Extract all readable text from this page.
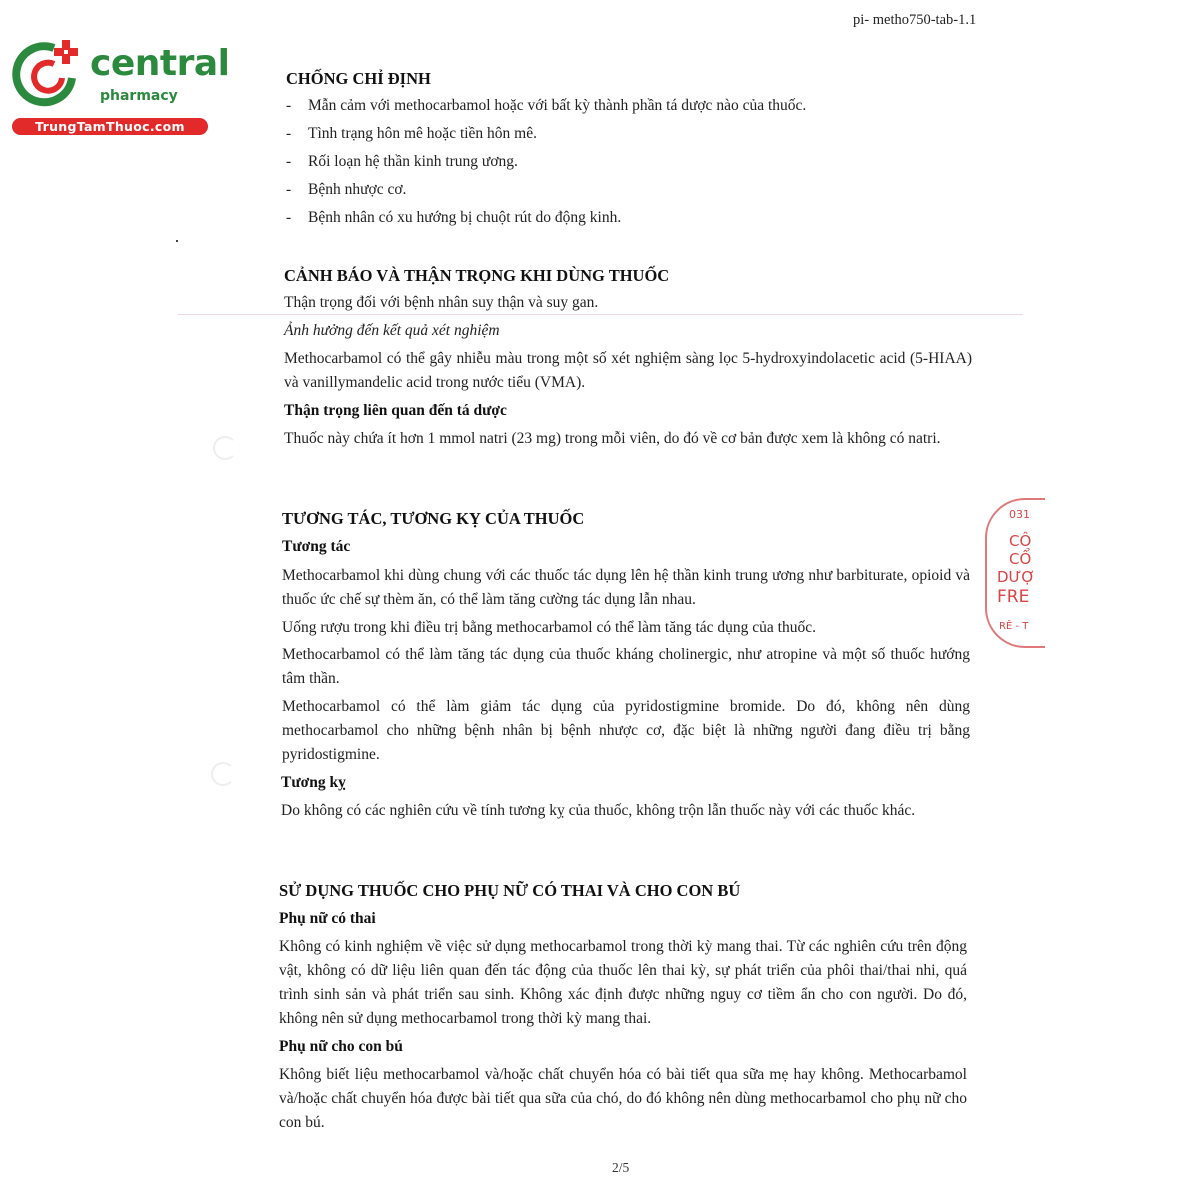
pi- metho750-tab-1.1
central
pharmacy
TrungTamThuoc.com
031
CÔ
CỔ
DƯỢ
FRE
RÊ - T
CHỐNG CHỈ ĐỊNH
- Mẫn cảm với methocarbamol hoặc với bất kỳ thành phần tá dược nào của thuốc.
- Tình trạng hôn mê hoặc tiền hôn mê.
- Rối loạn hệ thần kinh trung ương.
- Bệnh nhược cơ.
- Bệnh nhân có xu hướng bị chuột rút do động kinh.
CẢNH BÁO VÀ THẬN TRỌNG KHI DÙNG THUỐC
Thận trọng đối với bệnh nhân suy thận và suy gan.
Ảnh hưởng đến kết quả xét nghiệm
Methocarbamol có thể gây nhiễu màu trong một số xét nghiệm sàng lọc 5-hydroxyindolacetic acid (5-HIAA) và vanillymandelic acid trong nước tiểu (VMA).
Thận trọng liên quan đến tá dược
Thuốc này chứa ít hơn 1 mmol natri (23 mg) trong mỗi viên, do đó về cơ bản được xem là không có natri.
TƯƠNG TÁC, TƯƠNG KỴ CỦA THUỐC
Tương tác
Methocarbamol khi dùng chung với các thuốc tác dụng lên hệ thần kinh trung ương như barbiturate, opioid và thuốc ức chế sự thèm ăn, có thể làm tăng cường tác dụng lẫn nhau.
Uống rượu trong khi điều trị bằng methocarbamol có thể làm tăng tác dụng của thuốc.
Methocarbamol có thể làm tăng tác dụng của thuốc kháng cholinergic, như atropine và một số thuốc hướng tâm thần.
Methocarbamol có thể làm giảm tác dụng của pyridostigmine bromide. Do đó, không nên dùng methocarbamol cho những bệnh nhân bị bệnh nhược cơ, đặc biệt là những người đang điều trị bằng pyridostigmine.
Tương kỵ
Do không có các nghiên cứu về tính tương kỵ của thuốc, không trộn lẫn thuốc này với các thuốc khác.
SỬ DỤNG THUỐC CHO PHỤ NỮ CÓ THAI VÀ CHO CON BÚ
Phụ nữ có thai
Không có kinh nghiệm về việc sử dụng methocarbamol trong thời kỳ mang thai. Từ các nghiên cứu trên động vật, không có dữ liệu liên quan đến tác động của thuốc lên thai kỳ, sự phát triển của phôi thai/thai nhi, quá trình sinh sản và phát triển sau sinh. Không xác định được những nguy cơ tiềm ẩn cho con người. Do đó, không nên sử dụng methocarbamol trong thời kỳ mang thai.
Phụ nữ cho con bú
Không biết liệu methocarbamol và/hoặc chất chuyển hóa có bài tiết qua sữa mẹ hay không. Methocarbamol và/hoặc chất chuyển hóa được bài tiết qua sữa của chó, do đó không nên dùng methocarbamol cho phụ nữ cho con bú.
2/5
